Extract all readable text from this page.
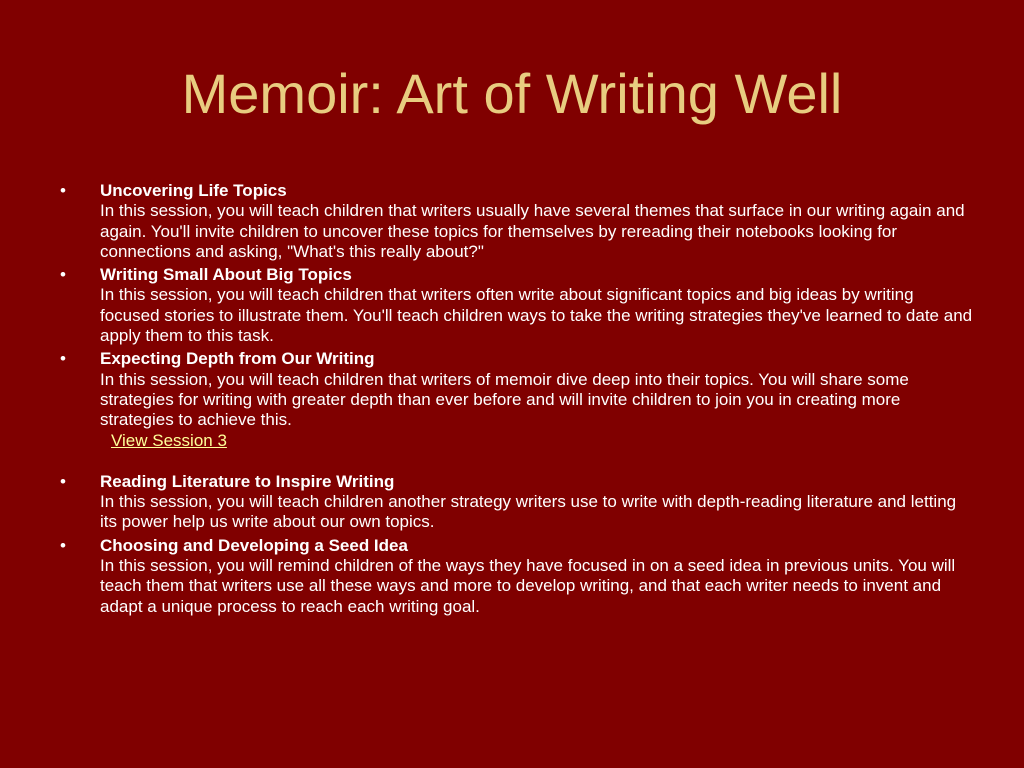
Memoir: Art of Writing Well
• Uncovering Life Topics
In this session, you will teach children that writers usually have several themes that surface in our writing again and again. You'll invite children to uncover these topics for themselves by rereading their notebooks looking for connections and asking, "What's this really about?"
• Writing Small About Big Topics
In this session, you will teach children that writers often write about significant topics and big ideas by writing focused stories to illustrate them. You'll teach children ways to take the writing strategies they've learned to date and apply them to this task.
• Expecting Depth from Our Writing
In this session, you will teach children that writers of memoir dive deep into their topics. You will share some strategies for writing with greater depth than ever before and will invite children to join you in creating more strategies to achieve this.
View Session 3
• Reading Literature to Inspire Writing
In this session, you will teach children another strategy writers use to write with depth-reading literature and letting its power help us write about our own topics.
• Choosing and Developing a Seed Idea
In this session, you will remind children of the ways they have focused in on a seed idea in previous units. You will teach them that writers use all these ways and more to develop writing, and that each writer needs to invent and adapt a unique process to reach each writing goal.
